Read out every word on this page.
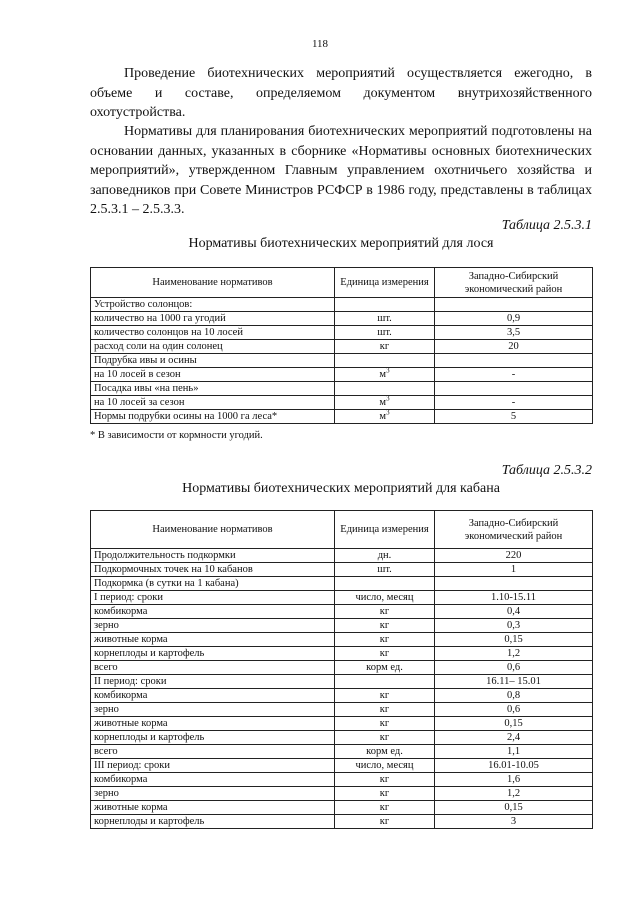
118

Проведение биотехнических мероприятий осуществляется ежегодно, в объеме и составе, определяемом документом внутрихозяйственного охотустройства.

Нормативы для планирования биотехнических мероприятий подготовлены на основании данных, указанных в сборнике «Нормативы основных биотехнических мероприятий», утвержденном Главным управлением охотничьего хозяйства и заповедников при Совете Министров РСФСР в 1986 году, представлены в таблицах 2.5.3.1 – 2.5.3.3.

Таблица 2.5.3.1
Нормативы биотехнических мероприятий для лося
Наименование нормативов	Единица измерения	Западно-Сибирский экономический район
Устройство солонцов:		
количество на 1000 га угодий	шт.	0,9
количество солонцов на 10 лосей	шт.	3,5
расход соли на один солонец	кг	20
Подрубка ивы и осины		
на 10 лосей в сезон	$м^3$	-
Посадка ивы «на пень»		
на 10 лосей за сезон	$м^3$	-
Нормы подрубки осины на 1000 га леса*	$м^3$	5
* В зависимости от кормности угодий.
Таблица 2.5.3.2
Нормативы биотехнических мероприятий для кабана
Наименование нормативов	Единица измерения	Западно-Сибирский экономический район
Продолжительность подкормки	дн.	220
Подкормочных точек на 10 кабанов	шт.	1
Подкормка (в сутки на 1 кабана)		
I период: сроки	число, месяц	1.10-15.11
комбикорма	кг	0,4
зерно	кг	0,3
животные корма	кг	0,15
корнеплоды и картофель	кг	1,2
всего	корм ед.	0,6
II период: сроки		16.11– 15.01
комбикорма	кг	0,8
зерно	кг	0,6
животные корма	кг	0,15
корнеплоды и картофель	кг	2,4
всего	корм ед.	1,1
III период: сроки	число, месяц	16.01-10.05
комбикорма	кг	1,6
зерно	кг	1,2
животные корма	кг	0,15
корнеплоды и картофель	кг	3
